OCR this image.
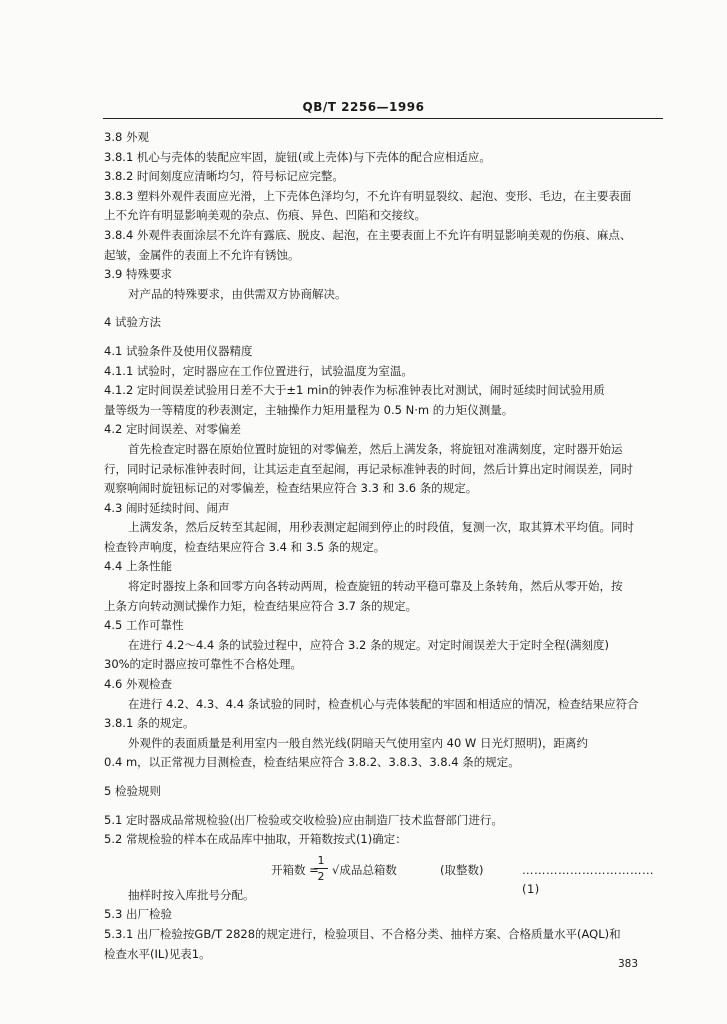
QB/T 2256—1996
3.8 外观
3.8.1 机心与壳体的装配应牢固，旋钮(或上壳体)与下壳体的配合应相适应。
3.8.2 时间刻度应清晰均匀，符号标记应完整。
3.8.3 塑料外观件表面应光滑，上下壳体色泽均匀，不允许有明显裂纹、起泡、变形、毛边，在主要表面
上不允许有明显影响美观的杂点、伤痕、异色、凹陷和交接纹。
3.8.4 外观件表面涂层不允许有露底、脱皮、起泡，在主要表面上不允许有明显影响美观的伤痕、麻点、
起皱，金属件的表面上不允许有锈蚀。
3.9 特殊要求
对产品的特殊要求，由供需双方协商解决。
4 试验方法
4.1 试验条件及使用仪器精度
4.1.1 试验时，定时器应在工作位置进行，试验温度为室温。
4.1.2 定时间误差试验用日差不大于±1 min的钟表作为标准钟表比对测试，闹时延续时间试验用质
量等级为一等精度的秒表测定，主轴操作力矩用量程为 0.5 N·m 的力矩仪测量。
4.2 定时间误差、对零偏差
首先检查定时器在原始位置时旋钮的对零偏差，然后上满发条，将旋钮对准满刻度，定时器开始运
行，同时记录标准钟表时间，让其运走直至起闹，再记录标准钟表的时间，然后计算出定时闹误差，同时
观察响闹时旋钮标记的对零偏差，检查结果应符合 3.3 和 3.6 条的规定。
4.3 闹时延续时间、闹声
上满发条，然后反转至其起闹，用秒表测定起闹到停止的时段值，复测一次，取其算术平均值。同时
检查铃声响度，检查结果应符合 3.4 和 3.5 条的规定。
4.4 上条性能
将定时器按上条和回零方向各转动两周，检查旋钮的转动平稳可靠及上条转角，然后从零开始，按
上条方向转动测试操作力矩，检查结果应符合 3.7 条的规定。
4.5 工作可靠性
在进行 4.2～4.4 条的试验过程中，应符合 3.2 条的规定。对定时闹误差大于定时全程(满刻度)
30%的定时器应按可靠性不合格处理。
4.6 外观检查
在进行 4.2、4.3、4.4 条试验的同时，检查机心与壳体装配的牢固和相适应的情况，检查结果应符合
3.8.1 条的规定。
外观件的表面质量是利用室内一般自然光线(阴暗天气使用室内 40 W 日光灯照明)，距离约
0.4 m，以正常视力目测检查，检查结果应符合 3.8.2、3.8.3、3.8.4 条的规定。
5 检验规则
5.1 定时器成品常规检验(出厂检验或交收检验)应由制造厂技术监督部门进行。
5.2 常规检验的样本在成品库中抽取，开箱数按式(1)确定：
开箱数 =
1
2 √成品总箱数	(取整数)	……………………………(1)
抽样时按入库批号分配。
5.3 出厂检验
5.3.1 出厂检验按GB/T 2828的规定进行，检验项目、不合格分类、抽样方案、合格质量水平(AQL)和
检查水平(IL)见表1。
383
